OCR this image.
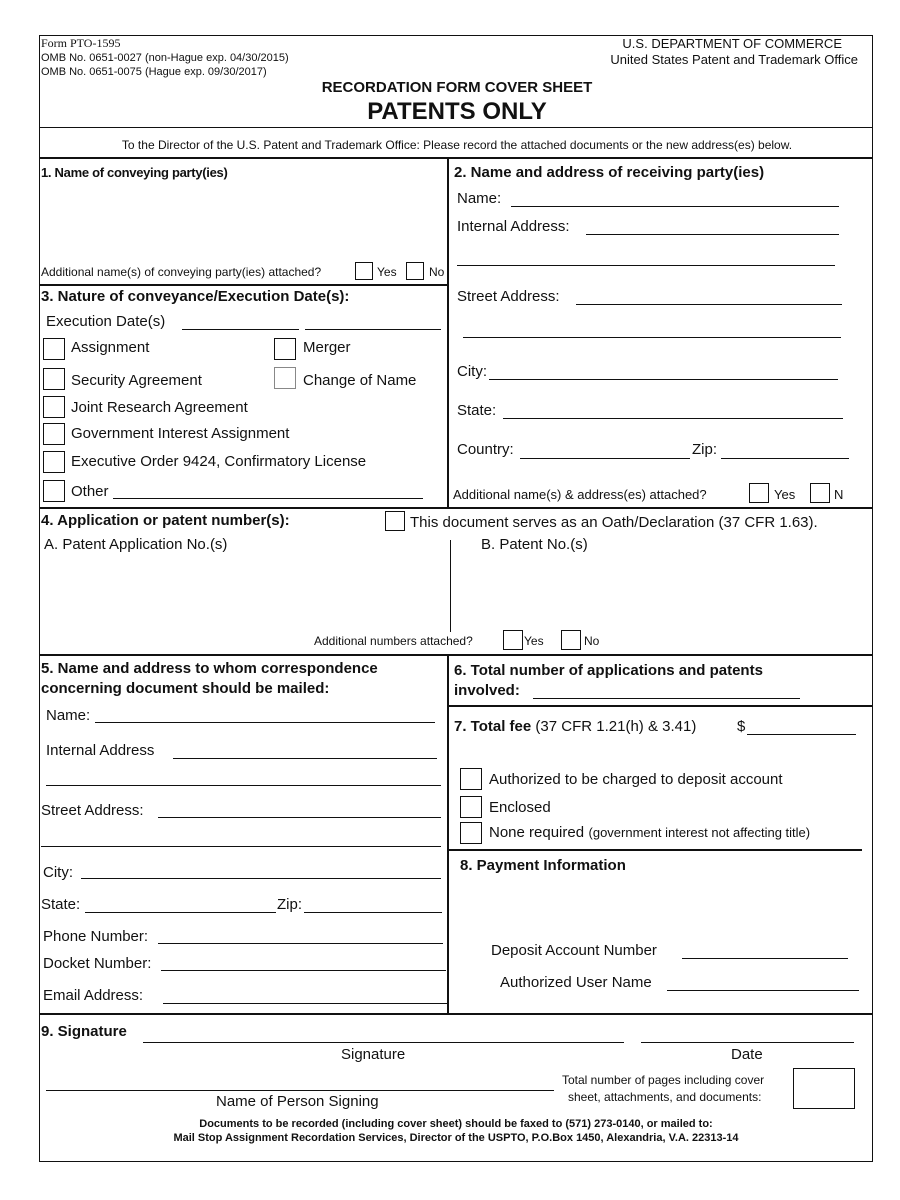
Form PTO-1595
OMB No. 0651-0027 (non-Hague exp. 04/30/2015)
OMB No. 0651-0075 (Hague exp. 09/30/2017)
U.S. DEPARTMENT OF COMMERCE
United States Patent and Trademark Office
RECORDATION FORM COVER SHEET
PATENTS ONLY
To the Director of the U.S. Patent and Trademark Office: Please record the attached documents or the new address(es) below.
1. Name of conveying party(ies)
Additional name(s) of conveying party(ies) attached?	Yes	No
3. Nature of conveyance/Execution Date(s):
Execution Date(s)
Assignment	Merger
Security Agreement	Change of Name
Joint Research Agreement
Government Interest Assignment
Executive Order 9424, Confirmatory License
Other
2. Name and address of receiving party(ies)
Name:
Internal Address:
Street Address:
City:
State:
Country:	Zip:
Additional name(s) & address(es) attached?	Yes	N
4. Application or patent number(s):	This document serves as an Oath/Declaration (37 CFR 1.63).
A. Patent Application No.(s)	B. Patent No.(s)
Additional numbers attached?	Yes	No
5. Name and address to whom correspondence
concerning document should be mailed:
Name:
Internal Address
Street Address:
City:
State:	Zip:
Phone Number:
Docket Number:
Email Address:
6. Total number of applications and patents
involved:
7. Total fee (37 CFR 1.21(h) & 3.41)	$
Authorized to be charged to deposit account
Enclosed
None required (government interest not affecting title)
8. Payment Information
Deposit Account Number
Authorized User Name
9. Signature
Signature	Date
Name of Person Signing
Total number of pages including cover
sheet, attachments, and documents:
Documents to be recorded (including cover sheet) should be faxed to (571) 273-0140, or mailed to:
Mail Stop Assignment Recordation Services, Director of the USPTO, P.O.Box 1450, Alexandria, V.A. 22313-14
